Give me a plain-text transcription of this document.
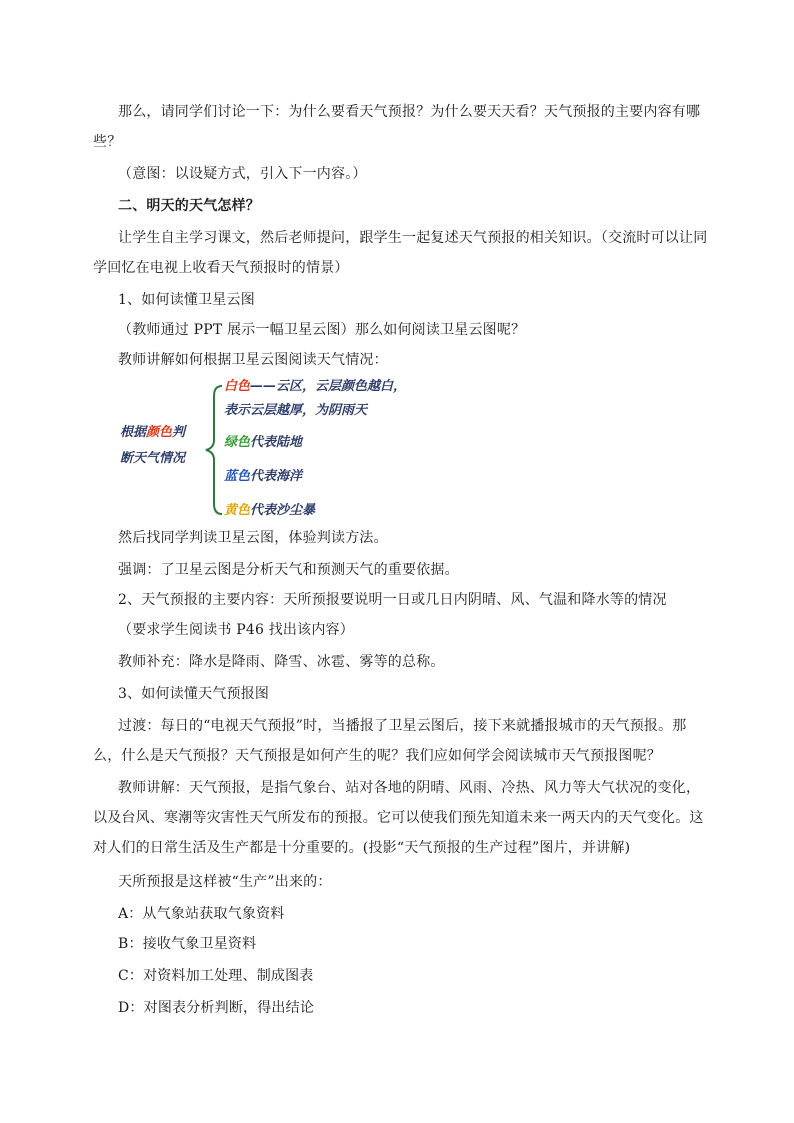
那么，请同学们讨论一下：为什么要看天气预报？为什么要天天看？天气预报的主要内容有哪
些？
（意图：以设疑方式，引入下一内容。）
二、明天的天气怎样？
让学生自主学习课文，然后老师提问，跟学生一起复述天气预报的相关知识。（交流时可以让同
学回忆在电视上收看天气预报时的情景）
1、如何读懂卫星云图
（教师通过 PPT 展示一幅卫星云图）那么如何阅读卫星云图呢？
教师讲解如何根据卫星云图阅读天气情况：
根据颜色判
断天气情况
白色——云区，云层颜色越白，
表示云层越厚，为阴雨天
绿色代表陆地
蓝色代表海洋
黄色代表沙尘暴
然后找同学判读卫星云图，体验判读方法。
强调：了卫星云图是分析天气和预测天气的重要依据。
2、天气预报的主要内容：天所预报要说明一日或几日内阴晴、风、气温和降水等的情况
（要求学生阅读书 P46 找出该内容）
教师补充：降水是降雨、降雪、冰雹、雾等的总称。
3、如何读懂天气预报图
过渡：每日的“电视天气预报”时，当播报了卫星云图后，接下来就播报城市的天气预报。那
么，什么是天气预报？天气预报是如何产生的呢？我们应如何学会阅读城市天气预报图呢？
教师讲解：天气预报，是指气象台、站对各地的阴晴、风雨、冷热、风力等大气状况的变化，
以及台风、寒潮等灾害性天气所发布的预报。它可以使我们预先知道未来一两天内的天气变化。这
对人们的日常生活及生产都是十分重要的。(投影“天气预报的生产过程”图片，并讲解)
天所预报是这样被“生产”出来的：
A：从气象站获取气象资料
B：接收气象卫星资料
C：对资料加工处理、制成图表
D：对图表分析判断，得出结论
